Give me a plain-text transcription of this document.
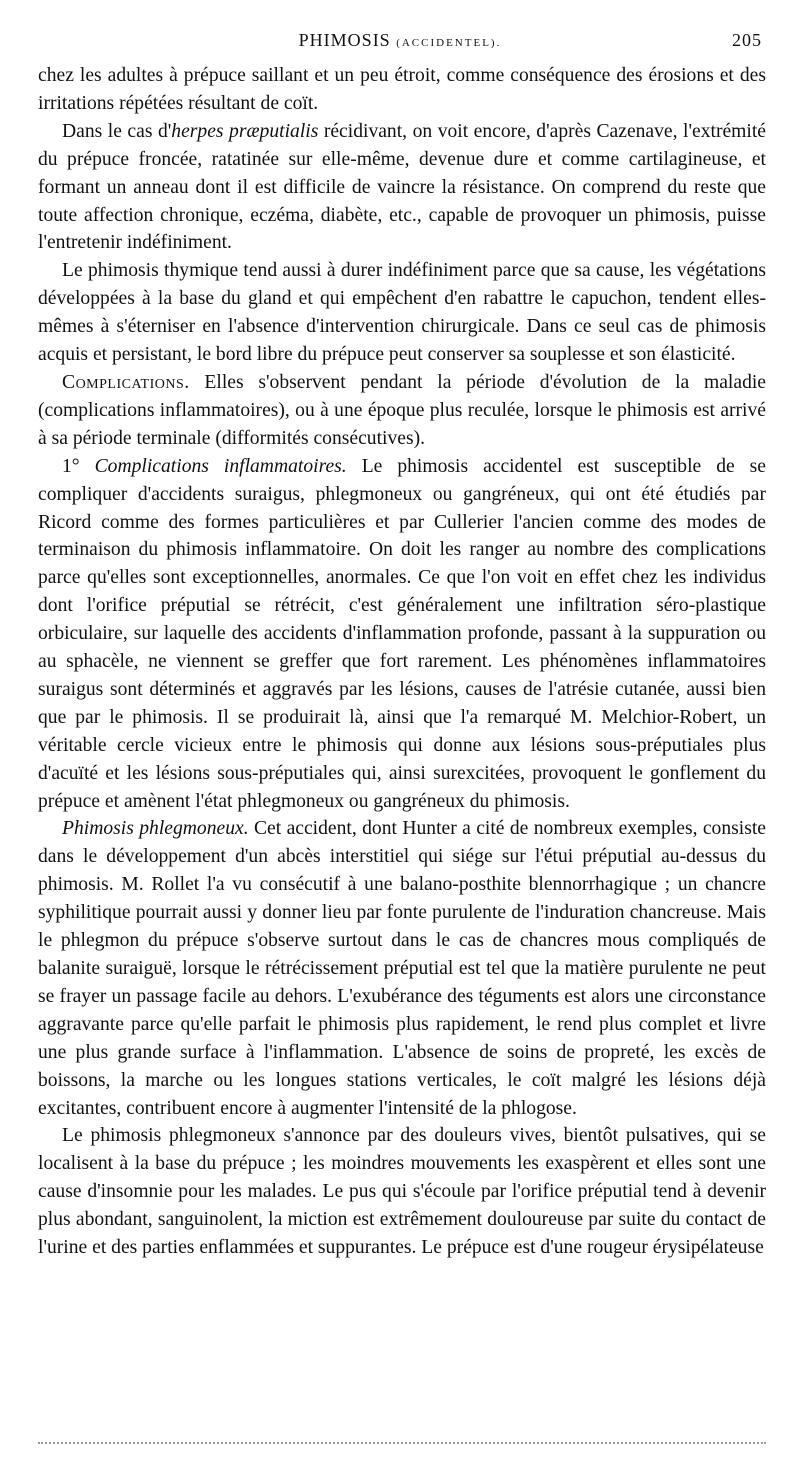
PHIMOSIS (ACCIDENTEL).	205

chez les adultes à prépuce saillant et un peu étroit, comme conséquence des érosions et des irritations répétées résultant de coït.

Dans le cas d'herpes præputialis récidivant, on voit encore, d'après Cazenave, l'extrémité du prépuce froncée, ratatinée sur elle-même, devenue dure et comme cartilagineuse, et formant un anneau dont il est difficile de vaincre la résistance. On comprend du reste que toute affection chronique, eczéma, diabète, etc., capable de provoquer un phimosis, puisse l'entretenir indéfiniment.

Le phimosis thymique tend aussi à durer indéfiniment parce que sa cause, les végétations développées à la base du gland et qui empêchent d'en rabattre le capuchon, tendent elles-mêmes à s'éterniser en l'absence d'intervention chirurgicale. Dans ce seul cas de phimosis acquis et persistant, le bord libre du prépuce peut conserver sa souplesse et son élasticité.

Complications. Elles s'observent pendant la période d'évolution de la maladie (complications inflammatoires), ou à une époque plus reculée, lorsque le phimosis est arrivé à sa période terminale (difformités consécutives).

1° Complications inflammatoires. Le phimosis accidentel est susceptible de se compliquer d'accidents suraigus, phlegmoneux ou gangréneux, qui ont été étudiés par Ricord comme des formes particulières et par Cullerier l'ancien comme des modes de terminaison du phimosis inflammatoire. On doit les ranger au nombre des complications parce qu'elles sont exceptionnelles, anormales. Ce que l'on voit en effet chez les individus dont l'orifice préputial se rétrécit, c'est généralement une infiltration séro-plastique orbiculaire, sur laquelle des accidents d'inflammation profonde, passant à la suppuration ou au sphacèle, ne viennent se greffer que fort rarement. Les phénomènes inflammatoires suraigus sont déterminés et aggravés par les lésions, causes de l'atrésie cutanée, aussi bien que par le phimosis. Il se produirait là, ainsi que l'a remarqué M. Melchior-Robert, un véritable cercle vicieux entre le phimosis qui donne aux lésions sous-préputiales plus d'acuïté et les lésions sous-préputiales qui, ainsi surexcitées, provoquent le gonflement du prépuce et amènent l'état phlegmoneux ou gangréneux du phimosis.

Phimosis phlegmoneux. Cet accident, dont Hunter a cité de nombreux exemples, consiste dans le développement d'un abcès interstitiel qui siége sur l'étui préputial au-dessus du phimosis. M. Rollet l'a vu consécutif à une balano-posthite blennorrhagique ; un chancre syphilitique pourrait aussi y donner lieu par fonte purulente de l'induration chancreuse. Mais le phlegmon du prépuce s'observe surtout dans le cas de chancres mous compliqués de balanite suraiguë, lorsque le rétrécissement préputial est tel que la matière purulente ne peut se frayer un passage facile au dehors. L'exubérance des téguments est alors une circonstance aggravante parce qu'elle parfait le phimosis plus rapidement, le rend plus complet et livre une plus grande surface à l'inflammation. L'absence de soins de propreté, les excès de boissons, la marche ou les longues stations verticales, le coït malgré les lésions déjà excitantes, contribuent encore à augmenter l'intensité de la phlogose.

Le phimosis phlegmoneux s'annonce par des douleurs vives, bientôt pulsatives, qui se localisent à la base du prépuce ; les moindres mouvements les exaspèrent et elles sont une cause d'insomnie pour les malades. Le pus qui s'écoule par l'orifice préputial tend à devenir plus abondant, sanguinolent, la miction est extrêmement douloureuse par suite du contact de l'urine et des parties enflammées et suppurantes. Le prépuce est d'une rougeur érysipélateuse
